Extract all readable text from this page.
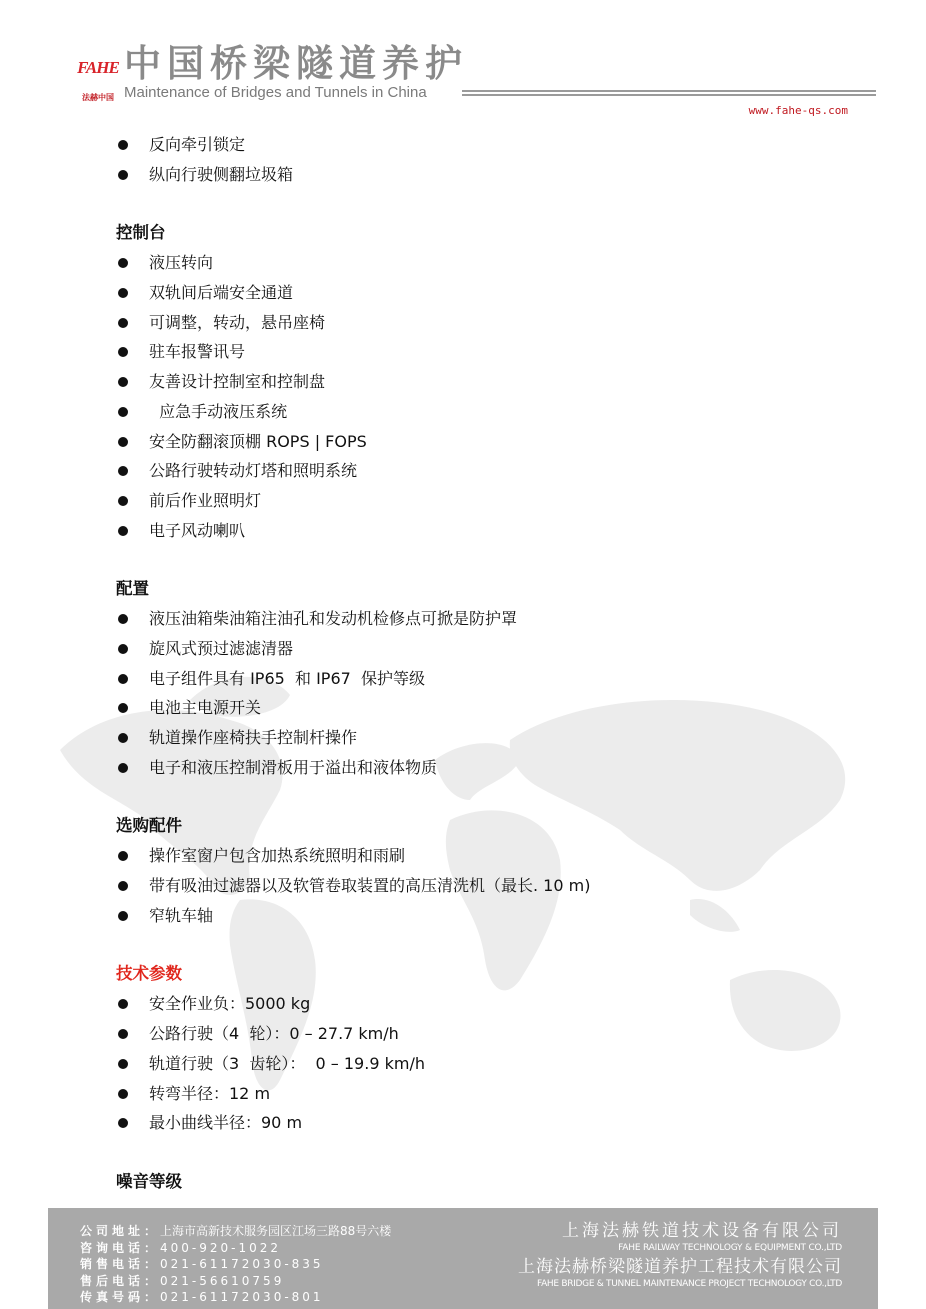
FAHE
法赫中国
中国桥梁隧道养护
Maintenance of Bridges and Tunnels in China
www.fahe-qs.com
反向牵引锁定
纵向行驶侧翻垃圾箱
控制台
液压转向
双轨间后端安全通道
可调整，转动，悬吊座椅
驻车报警讯号
友善设计控制室和控制盘
应急手动液压系统
安全防翻滚顶棚 ROPS | FOPS
公路行驶转动灯塔和照明系统
前后作业照明灯
电子风动喇叭
配置
液压油箱柴油箱注油孔和发动机检修点可掀是防护罩
旋风式预过滤滤清器
电子组件具有 IP65  和 IP67  保护等级
电池主电源开关
轨道操作座椅扶手控制杆操作
电子和液压控制滑板用于溢出和液体物质
选购配件
操作室窗户包含加热系统照明和雨刷
带有吸油过滤器以及软管卷取装置的高压清洗机（最长. 10 m)
窄轨车轴
技术参数
安全作业负：5000 kg
公路行驶（4  轮）：0 – 27.7 km/h
轨道行驶（3  齿轮）：  0 – 19.9 km/h
转弯半径：12 m
最小曲线半径：90 m
噪音等级
公司地址：上海市高新技术服务园区江场三路88号六楼
咨询电话：400-920-1022
销售电话：021-61172030-835
售后电话：021-56610759
传真号码：021-61172030-801
上海法赫铁道技术设备有限公司
FAHE RAILWAY TECHNOLOGY & EQUIPMENT CO.,LTD
上海法赫桥梁隧道养护工程技术有限公司
FAHE BRIDGE & TUNNEL MAINTENANCE PROJECT TECHNOLOGY CO.,LTD
